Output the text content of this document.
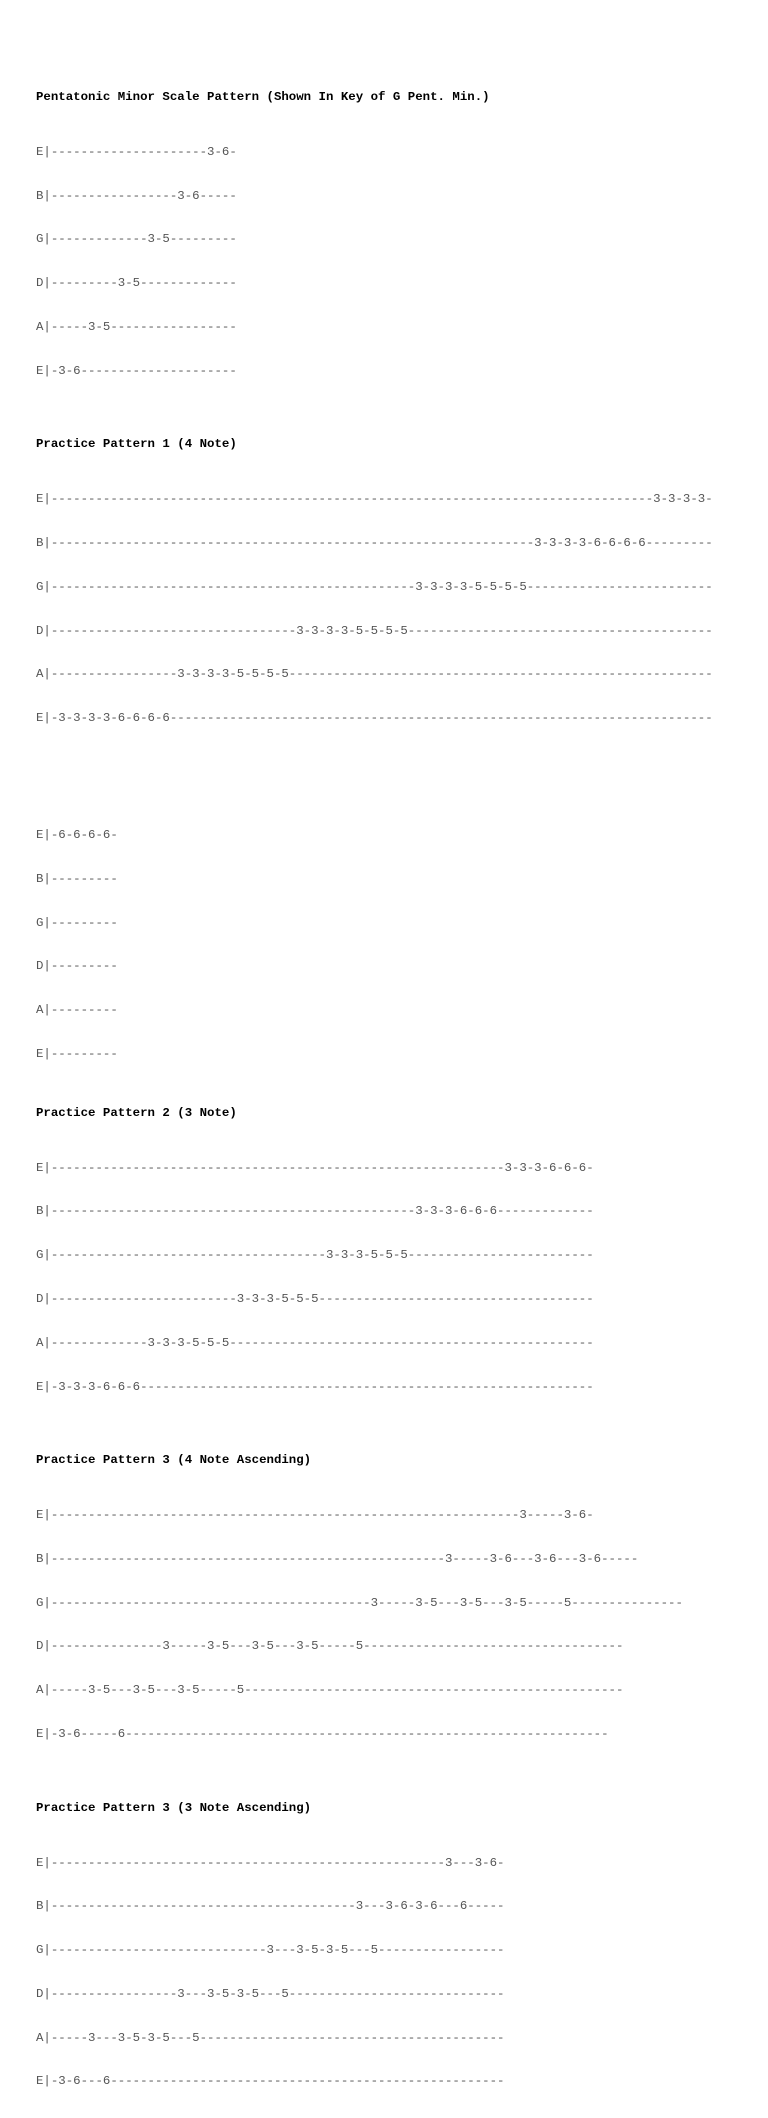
Pentatonic Minor Scale Pattern (Shown In Key of G Pent. Min.)

E|---------------------3-6-

B|-----------------3-6-----

G|-------------3-5---------

D|---------3-5-------------

A|-----3-5-----------------

E|-3-6---------------------

Practice Pattern 1 (4 Note)

E|---------------------------------------------------------------------------------3-3-3-3-

B|-----------------------------------------------------------------3-3-3-3-6-6-6-6---------

G|-------------------------------------------------3-3-3-3-5-5-5-5-------------------------

D|---------------------------------3-3-3-3-5-5-5-5-----------------------------------------

A|-----------------3-3-3-3-5-5-5-5---------------------------------------------------------

E|-3-3-3-3-6-6-6-6-------------------------------------------------------------------------

E|-6-6-6-6-

B|---------

G|---------

D|---------

A|---------

E|---------

Practice Pattern 2 (3 Note)

E|-------------------------------------------------------------3-3-3-6-6-6-

B|-------------------------------------------------3-3-3-6-6-6-------------

G|-------------------------------------3-3-3-5-5-5-------------------------

D|-------------------------3-3-3-5-5-5-------------------------------------

A|-------------3-3-3-5-5-5-------------------------------------------------

E|-3-3-3-6-6-6-------------------------------------------------------------

Practice Pattern 3 (4 Note Ascending)

E|---------------------------------------------------------------3-----3-6-

B|-----------------------------------------------------3-----3-6---3-6---3-6-----

G|-------------------------------------------3-----3-5---3-5---3-5-----5---------------

D|---------------3-----3-5---3-5---3-5-----5-----------------------------------

A|-----3-5---3-5---3-5-----5---------------------------------------------------

E|-3-6-----6-----------------------------------------------------------------

Practice Pattern 3 (3 Note Ascending)

E|-----------------------------------------------------3---3-6-

B|-----------------------------------------3---3-6-3-6---6-----

G|-----------------------------3---3-5-3-5---5-----------------

D|-----------------3---3-5-3-5---5-----------------------------

A|-----3---3-5-3-5---5-----------------------------------------

E|-3-6---6-----------------------------------------------------
